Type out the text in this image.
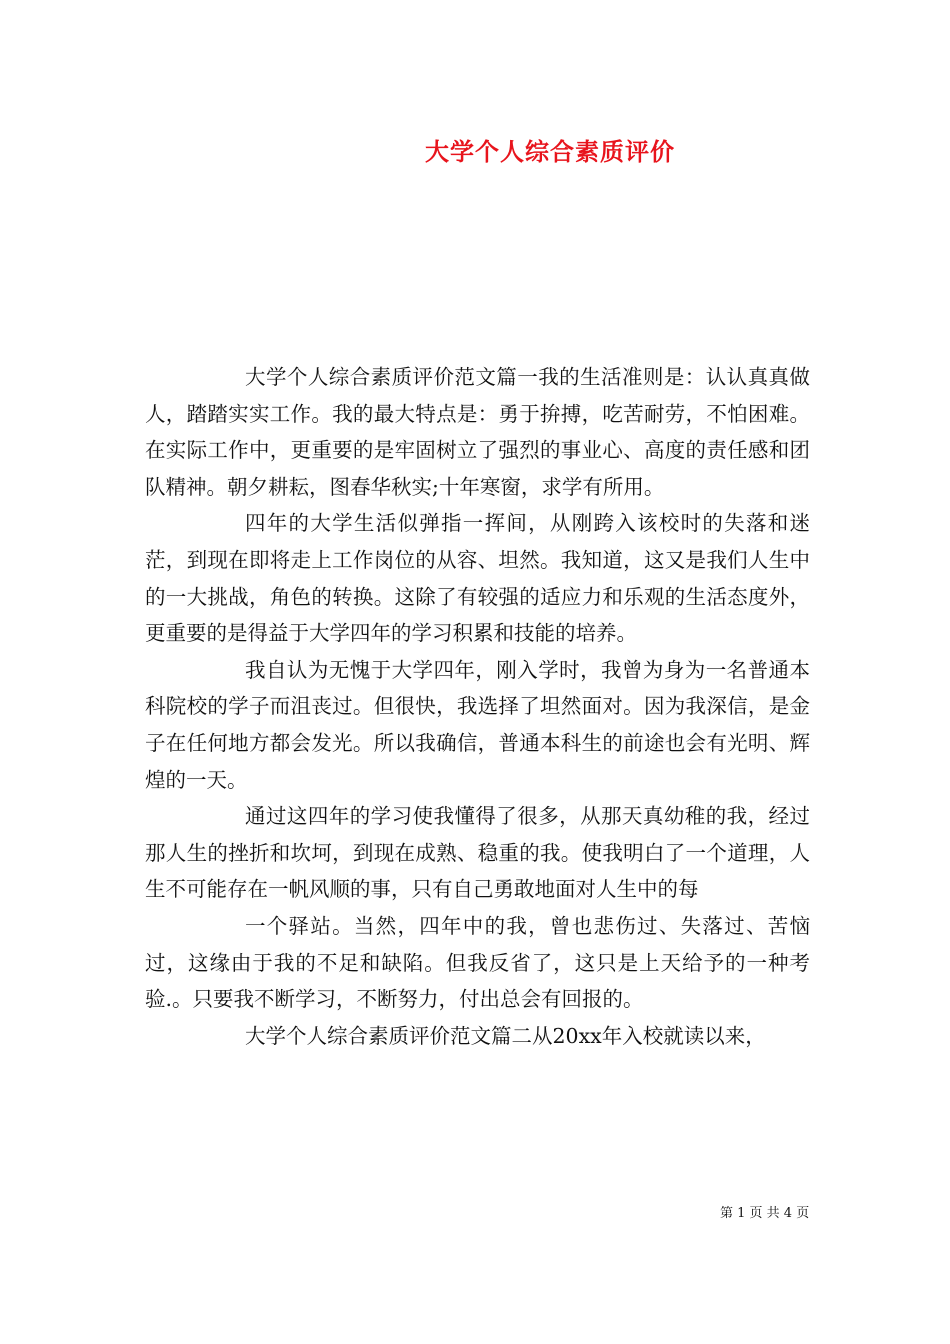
大学个人综合素质评价

大学个人综合素质评价范文篇一我的生活准则是：认认真真做人，踏踏实实工作。我的最大特点是：勇于拚搏，吃苦耐劳，不怕困难。在实际工作中，更重要的是牢固树立了强烈的事业心、高度的责任感和团队精神。朝夕耕耘，图春华秋实;十年寒窗，求学有所用。

四年的大学生活似弹指一挥间，从刚跨入该校时的失落和迷茫，到现在即将走上工作岗位的从容、坦然。我知道，这又是我们人生中的一大挑战，角色的转换。这除了有较强的适应力和乐观的生活态度外，更重要的是得益于大学四年的学习积累和技能的培养。

我自认为无愧于大学四年，刚入学时，我曾为身为一名普通本科院校的学子而沮丧过。但很快，我选择了坦然面对。因为我深信，是金子在任何地方都会发光。所以我确信，普通本科生的前途也会有光明、辉煌的一天。

通过这四年的学习使我懂得了很多，从那天真幼稚的我，经过那人生的挫折和坎坷，到现在成熟、稳重的我。使我明白了一个道理，人生不可能存在一帆风顺的事，只有自己勇敢地面对人生中的每

一个驿站。当然，四年中的我，曾也悲伤过、失落过、苦恼过，这缘由于我的不足和缺陷。但我反省了，这只是上天给予的一种考验.。只要我不断学习，不断努力，付出总会有回报的。

大学个人综合素质评价范文篇二从20xx年入校就读以来，

第 1 页 共 4 页
